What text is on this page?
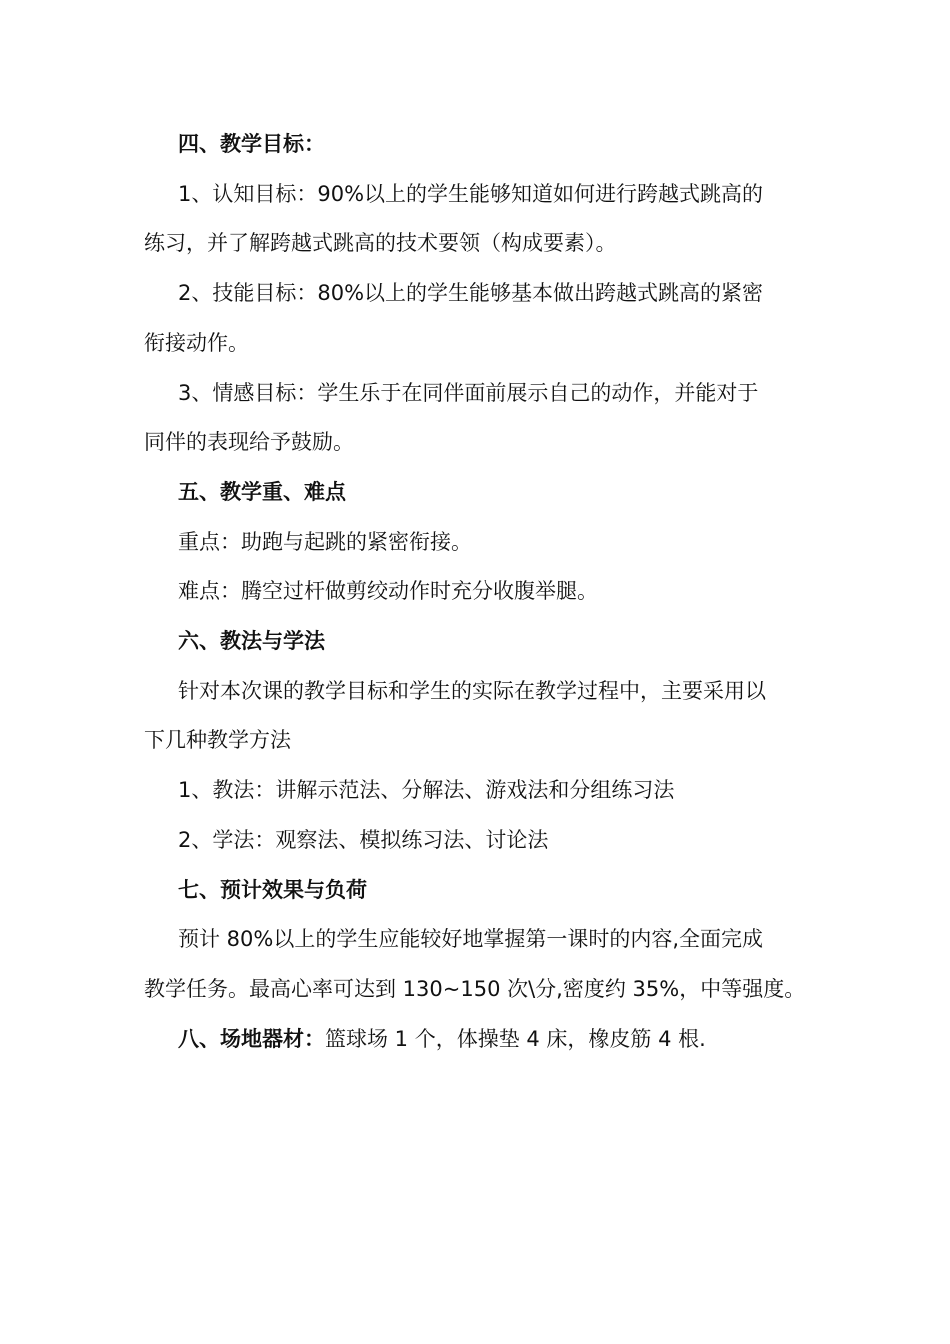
四、教学目标：

1、认知目标：90%以上的学生能够知道如何进行跨越式跳高的

练习，并了解跨越式跳高的技术要领（构成要素）。

2、技能目标：80%以上的学生能够基本做出跨越式跳高的紧密

衔接动作。

3、情感目标：学生乐于在同伴面前展示自己的动作，并能对于

同伴的表现给予鼓励。

五、教学重、难点

重点：助跑与起跳的紧密衔接。

难点：腾空过杆做剪绞动作时充分收腹举腿。

六、教法与学法

针对本次课的教学目标和学生的实际在教学过程中，主要采用以

下几种教学方法

1、教法：讲解示范法、分解法、游戏法和分组练习法

2、学法：观察法、模拟练习法、讨论法

七、预计效果与负荷

预计 80%以上的学生应能较好地掌握第一课时的内容,全面完成

教学任务。最高心率可达到 130~150 次\分,密度约 35%，中等强度。

八、场地器材：篮球场 1 个，体操垫 4 床，橡皮筋 4 根.
